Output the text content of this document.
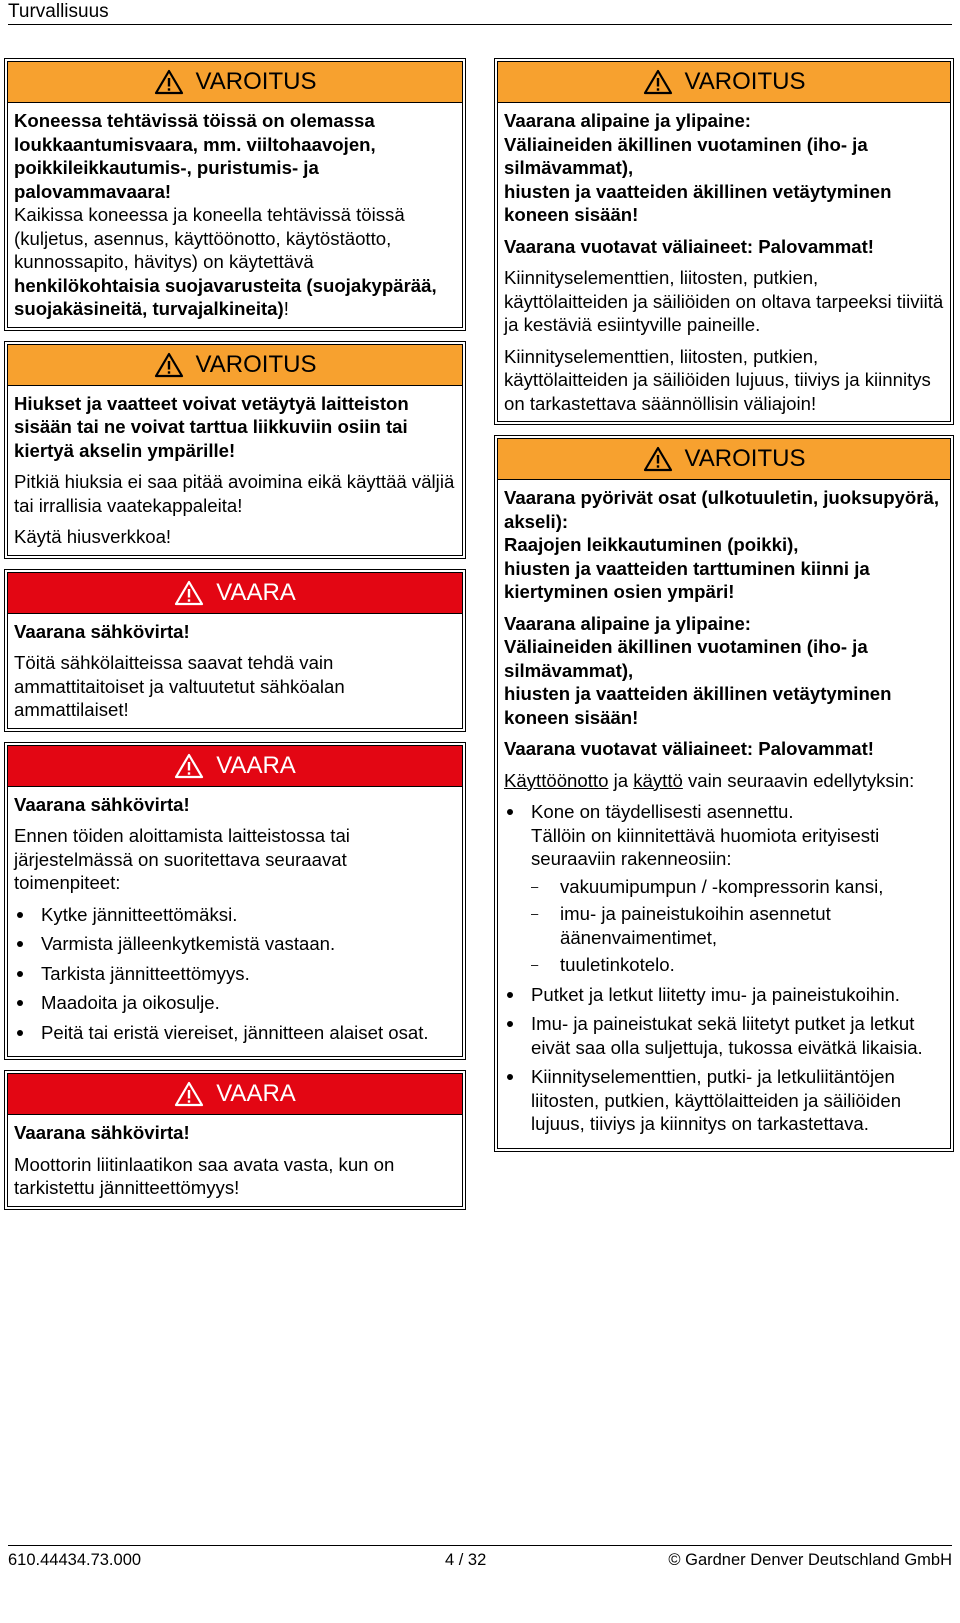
Turvallisuus
VAROITUS

Koneessa tehtävissä töissä on olemassa loukkaantumisvaara, mm. viiltohaavojen, poikkileikkautumis-, puristumis- ja palovammavaara!

Kaikissa koneessa ja koneella tehtävissä töissä (kuljetus, asennus, käyttöönotto, käytöstäotto, kunnossapito, hävitys) on käytettävä henkilökohtaisia suojavarusteita (suojakypärää, suojakäsineitä, turvajalkineita)!

VAROITUS

Hiukset ja vaatteet voivat vetäytyä laitteiston sisään tai ne voivat tarttua liikkuviin osiin tai kiertyä akselin ympärille!

Pitkiä hiuksia ei saa pitää avoimina eikä käyttää väljiä tai irrallisia vaatekappaleita!

Käytä hiusverkkoa!

VAARA

Vaarana sähkövirta!

Töitä sähkölaitteissa saavat tehdä vain ammattitaitoiset ja valtuutetut sähköalan ammattilaiset!

VAARA

Vaarana sähkövirta!

Ennen töiden aloittamista laitteistossa tai järjestelmässä on suoritettava seuraavat toimenpiteet:

Kytke jännitteettömäksi.
Varmista jälleenkytkemistä vastaan.
Tarkista jännitteettömyys.
Maadoita ja oikosulje.
Peitä tai eristä viereiset, jännitteen alaiset osat.
VAARA

Vaarana sähkövirta!

Moottorin liitinlaatikon saa avata vasta, kun on tarkistettu jännitteettömyys!

VAROITUS

Vaarana alipaine ja ylipaine:

Väliaineiden äkillinen vuotaminen (iho- ja silmävammat),

hiusten ja vaatteiden äkillinen vetäytyminen koneen sisään!

Vaarana vuotavat väliaineet: Palovammat!

Kiinnityselementtien, liitosten, putkien, käyttölaitteiden ja säiliöiden on oltava tarpeeksi tiiviitä ja kestäviä esiintyville paineille.

Kiinnityselementtien, liitosten, putkien, käyttölaitteiden ja säiliöiden lujuus, tiiviys ja kiinnitys on tarkastettava säännöllisin väliajoin!

VAROITUS

Vaarana pyörivät osat (ulkotuuletin, juoksupyörä, akseli):

Raajojen leikkautuminen (poikki),

hiusten ja vaatteiden tarttuminen kiinni ja kiertyminen osien ympäri!

Vaarana alipaine ja ylipaine:

Väliaineiden äkillinen vuotaminen (iho- ja silmävammat),

hiusten ja vaatteiden äkillinen vetäytyminen koneen sisään!

Vaarana vuotavat väliaineet: Palovammat!

Käyttöönotto ja käyttö vain seuraavin edellytyksin:

Kone on täydellisesti asennettu.
Tällöin on kiinnitettävä huomiota erityisesti seuraaviin rakenneosiin:
– vakuumipumpun / -kompressorin kansi,
– imu- ja paineistukoihin asennetut äänenvaimentimet,
– tuuletinkotelo.
Putket ja letkut liitetty imu- ja paineistukoihin.
Imu- ja paineistukat sekä liitetyt putket ja letkut eivät saa olla suljettuja, tukossa eivätkä likaisia.
Kiinnityselementtien, putki- ja letkuliitäntöjen liitosten, putkien, käyttölaitteiden ja säiliöiden lujuus, tiiviys ja kiinnitys on tarkastettava.
610.44434.73.000	4 / 32	© Gardner Denver Deutschland GmbH
